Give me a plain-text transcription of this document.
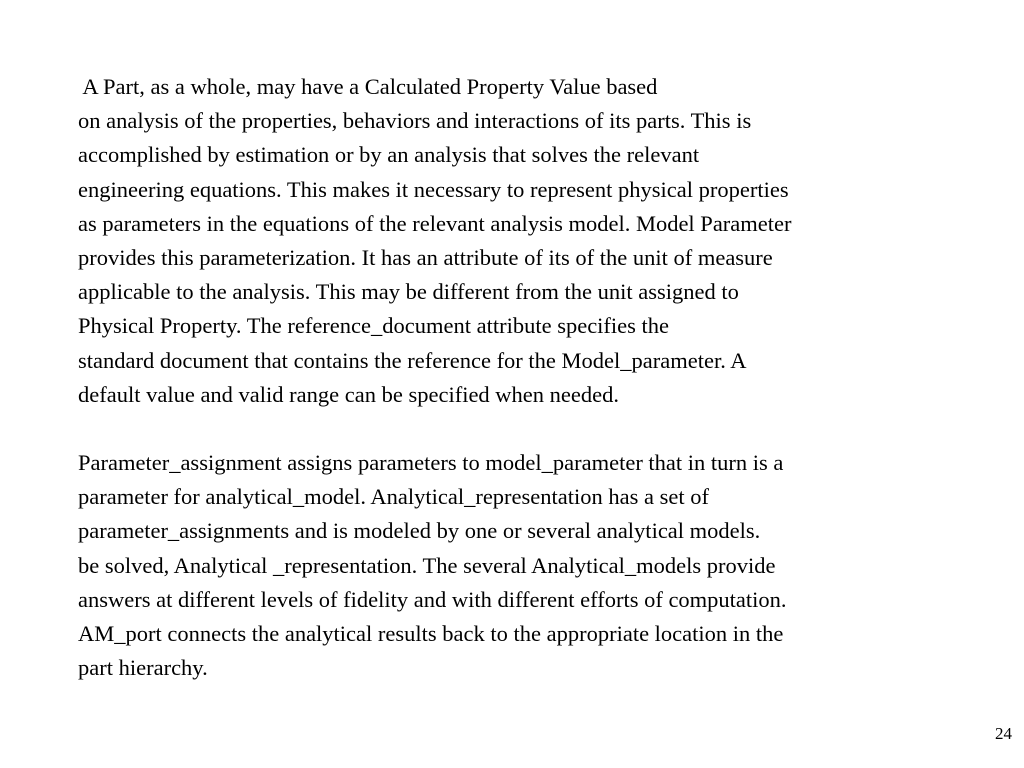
A Part, as a whole, may have a Calculated Property Value based
on analysis of the properties, behaviors and interactions of its parts. This is
accomplished by estimation or by an analysis that solves the relevant
engineering equations. This makes it necessary to represent physical properties
as parameters in the equations of the relevant analysis model. Model Parameter
provides this parameterization. It has an attribute of its of the unit of measure
applicable to the analysis. This may be different from the unit assigned to
Physical Property. The reference_document attribute specifies the
standard document that contains the reference for the Model_parameter. A
default value and valid range can be specified when needed.
Parameter_assignment assigns parameters to model_parameter that in turn is a
parameter for analytical_model. Analytical_representation has a set of
parameter_assignments and is modeled by one or several analytical models.
be solved, Analytical _representation. The several Analytical_models provide
answers at different levels of fidelity and with different efforts of computation.
AM_port connects the analytical results back to the appropriate location in the
part hierarchy.
24
